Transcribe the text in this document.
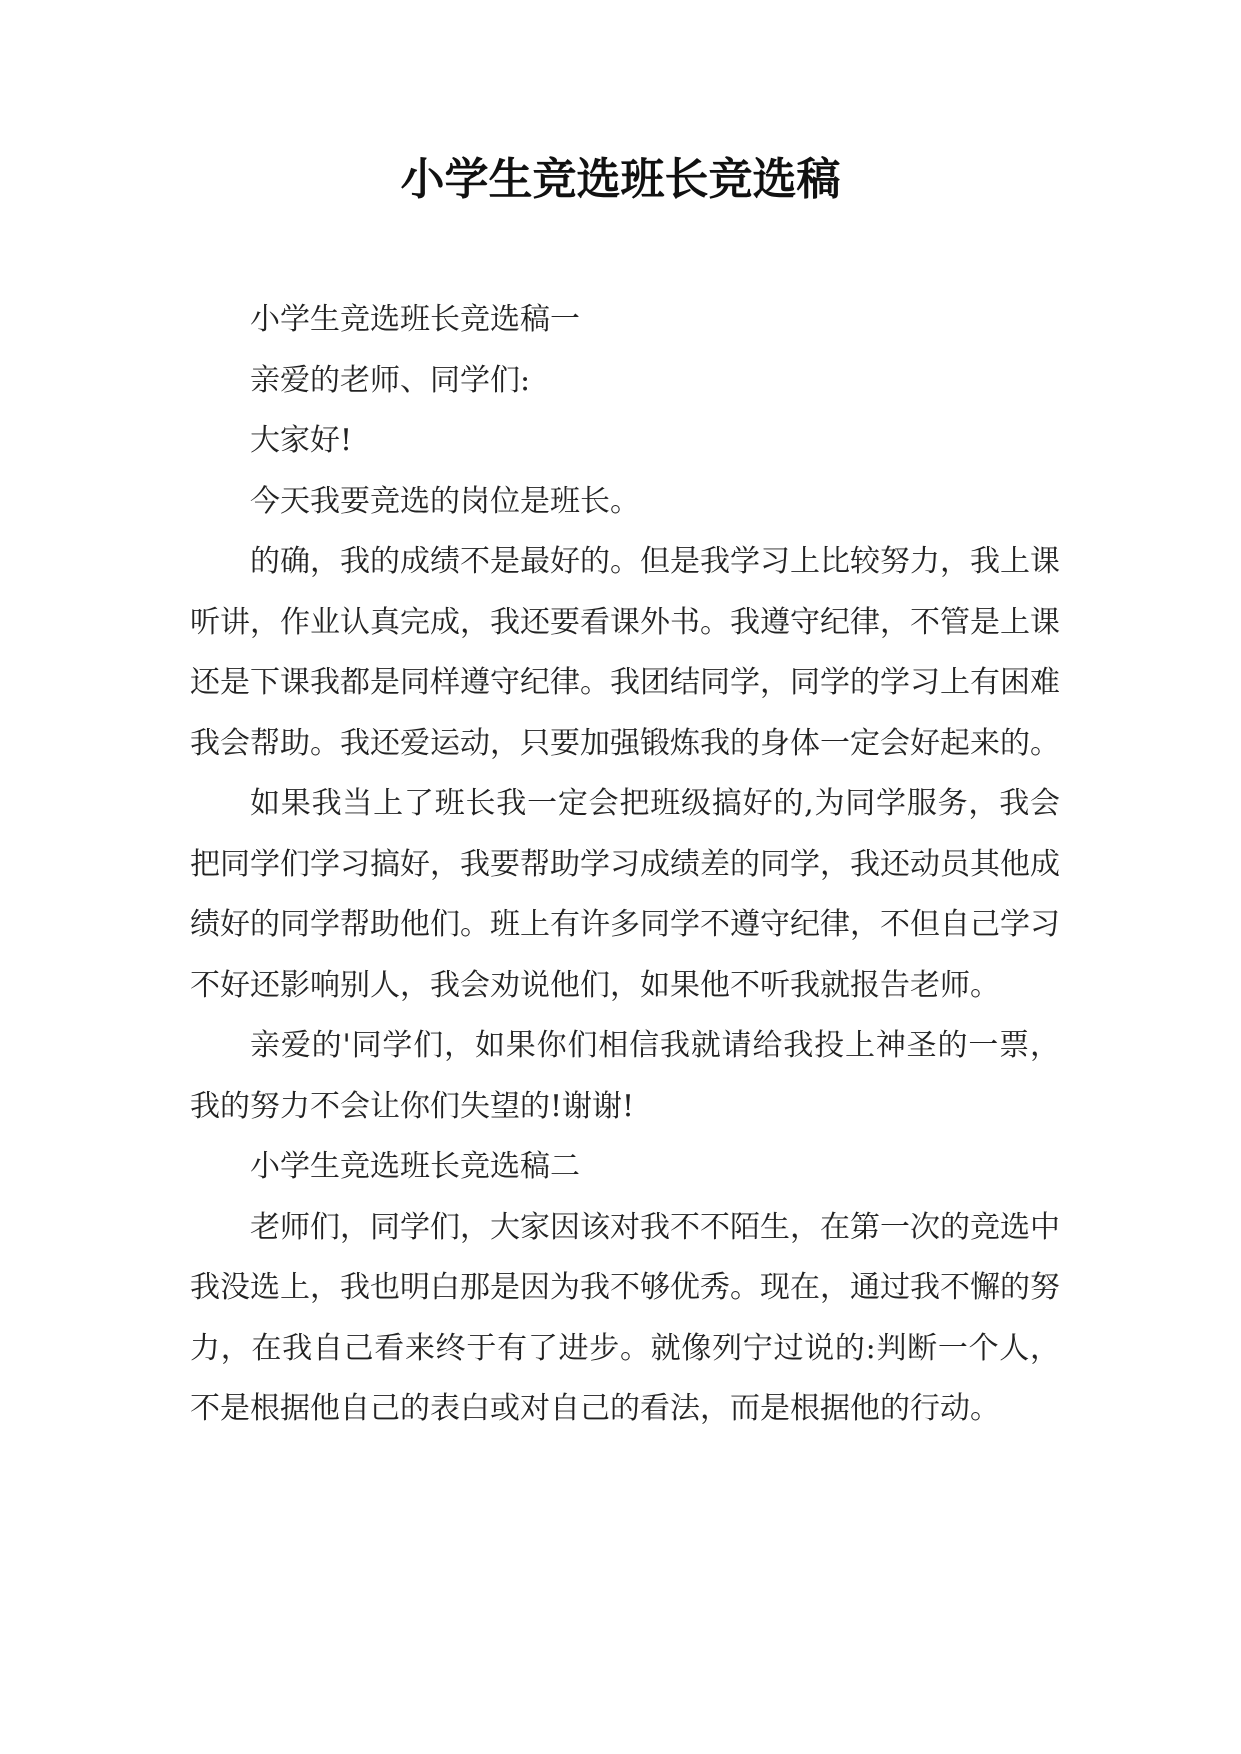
小学生竞选班长竞选稿

小学生竞选班长竞选稿一

亲爱的老师、同学们:

大家好!

今天我要竞选的岗位是班长。

的确，我的成绩不是最好的。但是我学习上比较努力，我上课听讲，作业认真完成，我还要看课外书。我遵守纪律，不管是上课还是下课我都是同样遵守纪律。我团结同学，同学的学习上有困难我会帮助。我还爱运动，只要加强锻炼我的身体一定会好起来的。

如果我当上了班长我一定会把班级搞好的,为同学服务，我会把同学们学习搞好，我要帮助学习成绩差的同学，我还动员其他成绩好的同学帮助他们。班上有许多同学不遵守纪律，不但自己学习不好还影响别人，我会劝说他们，如果他不听我就报告老师。

亲爱的'同学们，如果你们相信我就请给我投上神圣的一票，我的努力不会让你们失望的!谢谢!

小学生竞选班长竞选稿二

老师们，同学们，大家因该对我不不陌生，在第一次的竞选中我没选上，我也明白那是因为我不够优秀。现在，通过我不懈的努力，在我自己看来终于有了进步。就像列宁过说的:判断一个人，不是根据他自己的表白或对自己的看法，而是根据他的行动。
